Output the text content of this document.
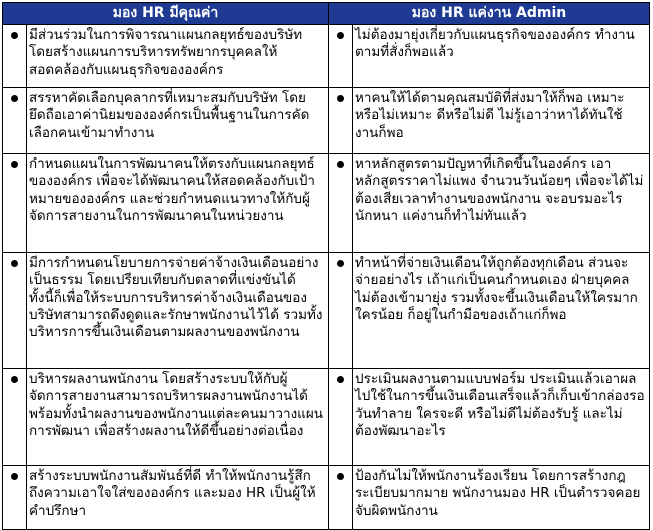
มอง HR มีคุณค่า		มอง HR แค่งาน Admin	
	มีส่วนร่วมในการพิจารณาแผนกลยุทธ์ของบริษัท โดยสร้างแผนการบริหารทรัพยากรบุคคลให้สอดคล้องกับแผนธุรกิจขององค์กร		ไม่ต้องมายุ่งเกี่ยวกับแผนธุรกิจขององค์กร ทำงานตามที่สั่งก็พอแล้ว
	สรรหาคัดเลือกบุคลากรที่เหมาะสมกับบริษัท โดยยึดถือเอาค่านิยมขององค์กรเป็นพื้นฐานในการคัดเลือกคนเข้ามาทำงาน		หาคนให้ได้ตามคุณสมบัติที่ส่งมาให้ก็พอ เหมาะหรือไม่เหมาะ ดีหรือไม่ดี ไม่รู้เอาว่าหาได้ทันใช้งานก็พอ
	กำหนดแผนในการพัฒนาคนให้ตรงกับแผนกลยุทธ์ขององค์กร เพื่อจะได้พัฒนาคนให้สอดคล้องกับเป้าหมายขององค์กร และช่วยกำหนดแนวทางให้กับผู้จัดการสายงานในการพัฒนาคนในหน่วยงาน		หาหลักสูตรตามปัญหาที่เกิดขึ้นในองค์กร เอาหลักสูตรราคาไม่แพง จำนวนวันน้อยๆ เพื่อจะได้ไม่ต้องเสียเวลาทำงานของพนักงาน จะอบรมอะไรนักหนา แค่งานก็ทำไม่ทันแล้ว
	มีการกำหนดนโยบายการจ่ายค่าจ้างเงินเดือนอย่างเป็นธรรม โดยเปรียบเทียบกับตลาดที่แข่งขันได้ ทั้งนี้ก็เพื่อให้ระบบการบริหารค่าจ้างเงินเดือนของบริษัทสามารถดึงดูดและรักษาพนักงานไว้ได้ รวมทั้งบริหารการขึ้นเงินเดือนตามผลงานของพนักงาน		ทำหน้าที่จ่ายเงินเดือนให้ถูกต้องทุกเดือน ส่วนจะจ่ายอย่างไร เถ้าแก่เป็นคนกำหนดเอง ฝ่ายบุคคลไม่ต้องเข้ามายุ่ง รวมทั้งจะขึ้นเงินเดือนให้ใครมากใครน้อย ก็อยู่ในกำมือของเถ้าแก่ก็พอ
	บริหารผลงานพนักงาน โดยสร้างระบบให้กับผู้จัดการสายงานสามารถบริหารผลงานพนักงานได้ พร้อมทั้งนำผลงานของพนักงานแต่ละคนมาวางแผนการพัฒนา เพื่อสร้างผลงานให้ดีขึ้นอย่างต่อเนื่อง		ประเมินผลงานตามแบบฟอร์ม ประเมินแล้วเอาผลไปใช้ในการขึ้นเงินเดือนเสร็จแล้วก็เก็บเข้ากล่องรอวันทำลาย ใครจะดี หรือไม่ดีไม่ต้องรับรู้ และไม่ต้องพัฒนาอะไร
	สร้างระบบพนักงานสัมพันธ์ที่ดี ทำให้พนักงานรู้สึกถึงความเอาใจใส่ขององค์กร และมอง HR เป็นผู้ให้คำปรึกษา		ป้องกันไม่ให้พนักงานร้องเรียน โดยการสร้างกฎระเบียบมากมาย พนักงานมอง HR เป็นตำรวจคอยจับผิดพนักงาน
